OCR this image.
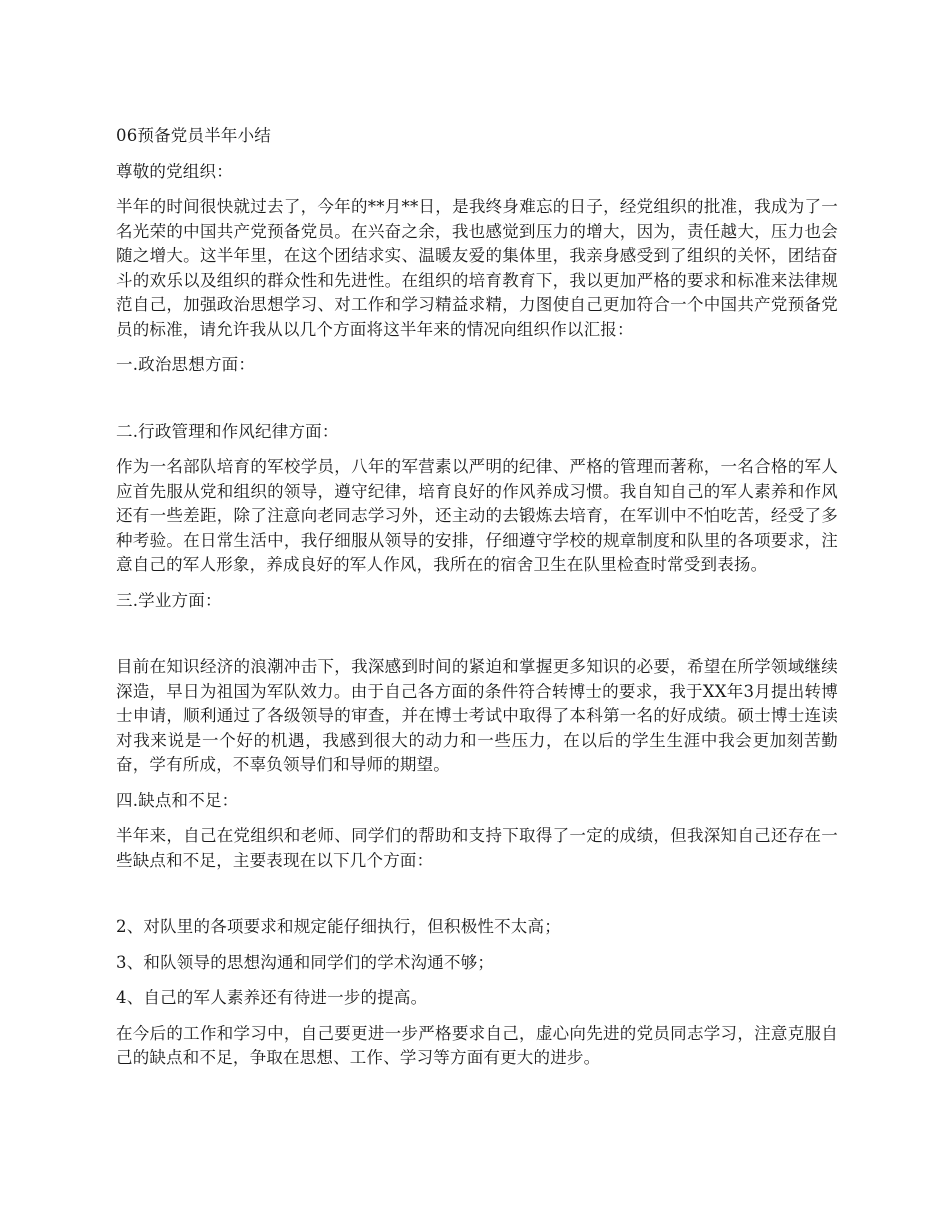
06预备党员半年小结

尊敬的党组织：

半年的时间很快就过去了，今年的**月**日，是我终身难忘的日子，经党组织的批准，我成为了一名光荣的中国共产党预备党员。在兴奋之余，我也感觉到压力的增大，因为，责任越大，压力也会随之增大。这半年里，在这个团结求实、温暖友爱的集体里，我亲身感受到了组织的关怀，团结奋斗的欢乐以及组织的群众性和先进性。在组织的培育教育下，我以更加严格的要求和标准来法律规范自己，加强政治思想学习、对工作和学习精益求精，力图使自己更加符合一个中国共产党预备党员的标准，请允许我从以几个方面将这半年来的情况向组织作以汇报：

一.政治思想方面：

二.行政管理和作风纪律方面：

作为一名部队培育的军校学员，八年的军营素以严明的纪律、严格的管理而著称，一名合格的军人应首先服从党和组织的领导，遵守纪律，培育良好的作风养成习惯。我自知自己的军人素养和作风还有一些差距，除了注意向老同志学习外，还主动的去锻炼去培育，在军训中不怕吃苦，经受了多种考验。在日常生活中，我仔细服从领导的安排，仔细遵守学校的规章制度和队里的各项要求，注意自己的军人形象，养成良好的军人作风，我所在的宿舍卫生在队里检查时常受到表扬。

三.学业方面：

目前在知识经济的浪潮冲击下，我深感到时间的紧迫和掌握更多知识的必要，希望在所学领域继续深造，早日为祖国为军队效力。由于自己各方面的条件符合转博士的要求，我于XX年3月提出转博士申请，顺利通过了各级领导的审查，并在博士考试中取得了本科第一名的好成绩。硕士博士连读对我来说是一个好的机遇，我感到很大的动力和一些压力，在以后的学生生涯中我会更加刻苦勤奋，学有所成，不辜负领导们和导师的期望。

四.缺点和不足：

半年来，自己在党组织和老师、同学们的帮助和支持下取得了一定的成绩，但我深知自己还存在一些缺点和不足，主要表现在以下几个方面：

2、对队里的各项要求和规定能仔细执行，但积极性不太高；

3、和队领导的思想沟通和同学们的学术沟通不够；

4、自己的军人素养还有待进一步的提高。

在今后的工作和学习中，自己要更进一步严格要求自己，虚心向先进的党员同志学习，注意克服自己的缺点和不足，争取在思想、工作、学习等方面有更大的进步。
